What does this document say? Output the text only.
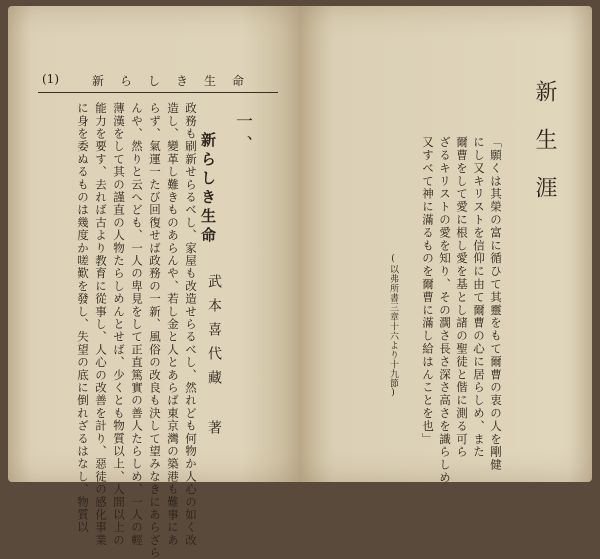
(1)	新らしき生命
政務も刷新せらるべし、家屋も改造せらるべし、然れども何物か人心の如く改
造し、變革し難きものあらんや、若し金と人とあらば東京灣の築港も難事にあ
らず、氣運一たび回復せば政務の一新、風俗の改良も決して望みなきにあらざら
んや、然りと云へども、一人の卑見をして正直篤實の善人たらしめ、一人の輕
薄漢をして其の謹直の人物たらしめんとせば、少くとも物質以上、人間以上の
能力を要す、去れば古より教育に從事し、人心の改善を計り、惡徒の感化事業
に身を委ぬるものは幾度か嗟歎を發し、失望の底に倒れざるはなし、物質以	一、
新らしき生命
武本喜代藏 著
新生涯
「願くは其榮の富に循ひて其靈をもて爾曹の衷の人を剛健
にし又キリストを信仰に由て爾曹の心に居らしめ、また
爾曹をして愛に根し愛を基とし諸の聖徒と偕に測る可ら
ざるキリストの愛を知り、その濶さ長さ深さ高さを識らしめ
又すべて神に滿るものを爾曹に滿し給はんことを也」
(以弗所書三章十六より十九節)
